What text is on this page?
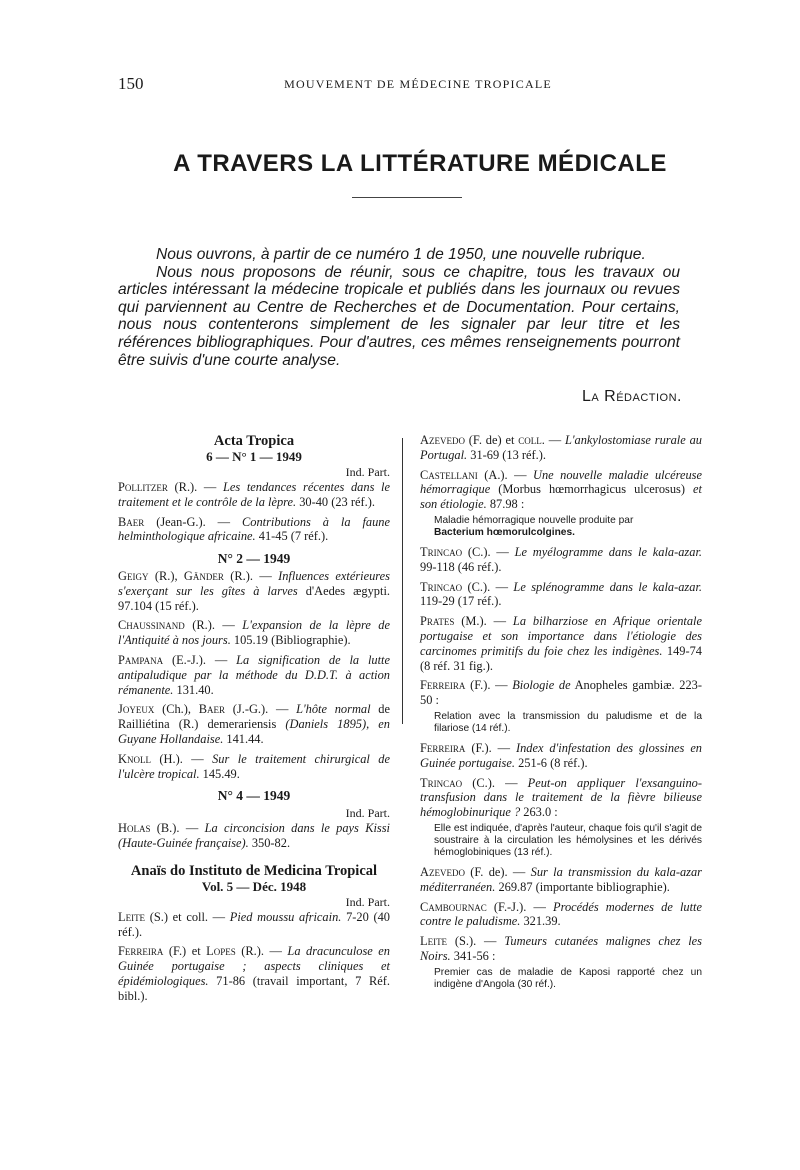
150	MOUVEMENT DE MÉDECINE TROPICALE
A TRAVERS LA LITTÉRATURE MÉDICALE

Nous ouvrons, à partir de ce numéro 1 de 1950, une nouvelle rubrique.

Nous nous proposons de réunir, sous ce chapitre, tous les travaux ou articles intéressant la médecine tropicale et publiés dans les journaux ou revues qui parviennent au Centre de Recherches et de Documentation. Pour certains, nous nous contenterons simplement de les signaler par leur titre et les références bibliographiques. Pour d'autres, ces mêmes renseignements pourront être suivis d'une courte analyse.

La Rédaction.
Acta Tropica
6 — N° 1 — 1949
Ind. Part.

Pollitzer (R.). — Les tendances récentes dans le traitement et le contrôle de la lèpre. 30-40 (23 réf.).

Baer (Jean-G.). — Contributions à la faune helminthologique africaine. 41-45 (7 réf.).

N° 2 — 1949

Geigy (R.), Gänder (R.). — Influences extérieures s'exerçant sur les gîtes à larves d'Aedes ægypti. 97.104 (15 réf.).

Chaussinand (R.). — L'expansion de la lèpre de l'Antiquité à nos jours. 105.19 (Bibliographie).

Pampana (E.-J.). — La signification de la lutte antipaludique par la méthode du D.D.T. à action rémanente. 131.40.

Joyeux (Ch.), Baer (J.-G.). — L'hôte normal de Railliétina (R.) demerariensis (Daniels 1895), en Guyane Hollandaise. 141.44.

Knoll (H.). — Sur le traitement chirurgical de l'ulcère tropical. 145.49.

N° 4 — 1949
Ind. Part.

Holas (B.). — La circoncision dans le pays Kissi (Haute-Guinée française). 350-82.

Anaïs do Instituto de Medicina Tropical
Vol. 5 — Déc. 1948
Ind. Part.

Leite (S.) et coll. — Pied moussu africain. 7-20 (40 réf.).

Ferreira (F.) et Lopes (R.). — La dracunculose en Guinée portugaise ; aspects cliniques et épidémiologiques. 71-86 (travail important, 7 Réf. bibl.).

Azevedo (F. de) et coll. — L'ankylostomiase rurale au Portugal. 31-69 (13 réf.).

Castellani (A.). — Une nouvelle maladie ulcéreuse hémorragique (Morbus hœmorrhagicus ulcerosus) et son étiologie. 87.98 :

Maladie hémorragique nouvelle produite par
Bacterium hœmorulcolgines.

Trincao (C.). — Le myélogramme dans le kala-azar. 99-118 (46 réf.).

Trincao (C.). — Le splénogramme dans le kala-azar. 119-29 (17 réf.).

Prates (M.). — La bilharziose en Afrique orientale portugaise et son importance dans l'étiologie des carcinomes primitifs du foie chez les indigènes. 149-74 (8 réf. 31 fig.).

Ferreira (F.). — Biologie de Anopheles gambiæ. 223-50 :

Relation avec la transmission du paludisme et de la filariose (14 réf.).

Ferreira (F.). — Index d'infestation des glossines en Guinée portugaise. 251-6 (8 réf.).

Trincao (C.). — Peut-on appliquer l'exsanguino-transfusion dans le traitement de la fièvre bilieuse hémoglobinurique ? 263.0 :

Elle est indiquée, d'après l'auteur, chaque fois qu'il s'agit de soustraire à la circulation les hémolysines et les dérivés hémoglobiniques (13 réf.).

Azevedo (F. de). — Sur la transmission du kala-azar méditerranéen. 269.87 (importante bibliographie).

Cambournac (F.-J.). — Procédés modernes de lutte contre le paludisme. 321.39.

Leite (S.). — Tumeurs cutanées malignes chez les Noirs. 341-56 :

Premier cas de maladie de Kaposi rapporté chez un indigène d'Angola (30 réf.).
